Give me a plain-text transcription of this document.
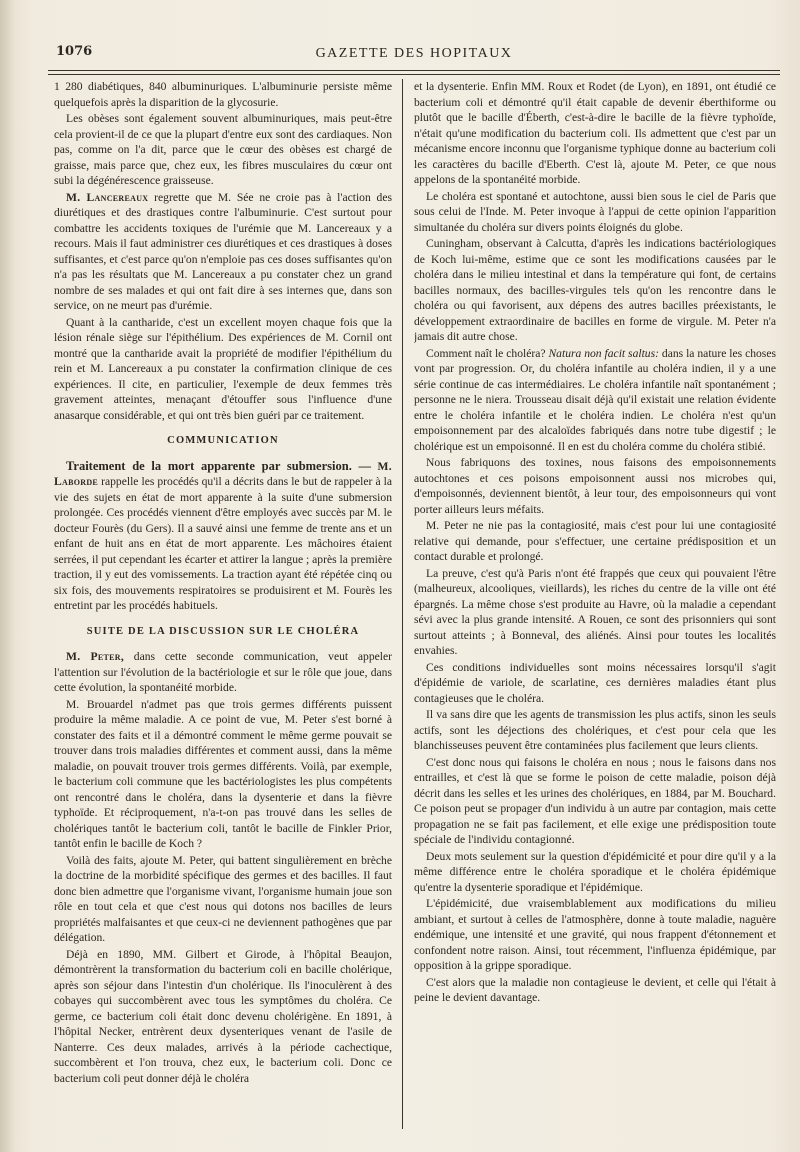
1076	GAZETTE DES HOPITAUX

1 280 diabétiques, 840 albuminuriques. L'albuminurie persiste même quelquefois après la disparition de la glycosurie.

Les obèses sont également souvent albuminuriques, mais peut-être cela provient-il de ce que la plupart d'entre eux sont des cardiaques. Non pas, comme on l'a dit, parce que le cœur des obèses est chargé de graisse, mais parce que, chez eux, les fibres musculaires du cœur ont subi la dégénérescence graisseuse.

M. Lancereaux regrette que M. Sée ne croie pas à l'action des diurétiques et des drastiques contre l'albuminurie. C'est surtout pour combattre les accidents toxiques de l'urémie que M. Lancereaux y a recours. Mais il faut administrer ces diurétiques et ces drastiques à doses suffisantes, et c'est parce qu'on n'emploie pas ces doses suffisantes qu'on n'a pas les résultats que M. Lancereaux a pu constater chez un grand nombre de ses malades et qui ont fait dire à ses internes que, dans son service, on ne meurt pas d'urémie.

Quant à la cantharide, c'est un excellent moyen chaque fois que la lésion rénale siège sur l'épithélium. Des expériences de M. Cornil ont montré que la cantharide avait la propriété de modifier l'épithélium du rein et M. Lancereaux a pu constater la confirmation clinique de ces expériences. Il cite, en particulier, l'exemple de deux femmes très gravement atteintes, menaçant d'étouffer sous l'influence d'une anasarque considérable, et qui ont très bien guéri par ce traitement.

COMMUNICATION

Traitement de la mort apparente par submersion. — M. Laborde rappelle les procédés qu'il a décrits dans le but de rappeler à la vie des sujets en état de mort apparente à la suite d'une submersion prolongée. Ces procédés viennent d'être employés avec succès par M. le docteur Fourès (du Gers). Il a sauvé ainsi une femme de trente ans et un enfant de huit ans en état de mort apparente. Les mâchoires étaient serrées, il put cependant les écarter et attirer la langue ; après la première traction, il y eut des vomissements. La traction ayant été répétée cinq ou six fois, des mouvements respiratoires se produisirent et M. Fourès les entretint par les procédés habituels.

SUITE DE LA DISCUSSION SUR LE CHOLÉRA

M. Peter, dans cette seconde communication, veut appeler l'attention sur l'évolution de la bactériologie et sur le rôle que joue, dans cette évolution, la spontanéité morbide.

M. Brouardel n'admet pas que trois germes différents puissent produire la même maladie. A ce point de vue, M. Peter s'est borné à constater des faits et il a démontré comment le même germe pouvait se trouver dans trois maladies différentes et comment aussi, dans la même maladie, on pouvait trouver trois germes différents. Voilà, par exemple, le bacterium coli commune que les bactériologistes les plus compétents ont rencontré dans le choléra, dans la dysenterie et dans la fièvre typhoïde. Et réciproquement, n'a-t-on pas trouvé dans les selles de cholériques tantôt le bacterium coli, tantôt le bacille de Finkler Prior, tantôt enfin le bacille de Koch ?

Voilà des faits, ajoute M. Peter, qui battent singulièrement en brèche la doctrine de la morbidité spécifique des germes et des bacilles. Il faut donc bien admettre que l'organisme vivant, l'organisme humain joue son rôle en tout cela et que c'est nous qui dotons nos bacilles de leurs propriétés malfaisantes et que ceux-ci ne deviennent pathogènes que par délégation.

Déjà en 1890, MM. Gilbert et Girode, à l'hôpital Beaujon, démontrèrent la transformation du bacterium coli en bacille cholérique, après son séjour dans l'intestin d'un cholérique. Ils l'inoculèrent à des cobayes qui succombèrent avec tous les symptômes du choléra. Ce germe, ce bacterium coli était donc devenu cholérigène. En 1891, à l'hôpital Necker, entrèrent deux dysenteriques venant de l'asile de Nanterre. Ces deux malades, arrivés à la période cachectique, succombèrent et l'on trouva, chez eux, le bacterium coli. Donc ce bacterium coli peut donner déjà le choléra

et la dysenterie. Enfin MM. Roux et Rodet (de Lyon), en 1891, ont étudié ce bacterium coli et démontré qu'il était capable de devenir éberthiforme ou plutôt que le bacille d'Éberth, c'est-à-dire le bacille de la fièvre typhoïde, n'était qu'une modification du bacterium coli. Ils admettent que c'est par un mécanisme encore inconnu que l'organisme typhique donne au bacterium coli les caractères du bacille d'Eberth. C'est là, ajoute M. Peter, ce que nous appelons de la spontanéité morbide.

Le choléra est spontané et autochtone, aussi bien sous le ciel de Paris que sous celui de l'Inde. M. Peter invoque à l'appui de cette opinion l'apparition simultanée du choléra sur divers points éloignés du globe.

Cuningham, observant à Calcutta, d'après les indications bactériologiques de Koch lui-même, estime que ce sont les modifications causées par le choléra dans le milieu intestinal et dans la température qui font, de certains bacilles normaux, des bacilles-virgules tels qu'on les rencontre dans le choléra ou qui favorisent, aux dépens des autres bacilles préexistants, le développement extraordinaire de bacilles en forme de virgule. M. Peter n'a jamais dit autre chose.

Comment naît le choléra? Natura non facit saltus: dans la nature les choses vont par progression. Or, du choléra infantile au choléra indien, il y a une série continue de cas intermédiaires. Le choléra infantile naît spontanément ; personne ne le niera. Trousseau disait déjà qu'il existait une relation évidente entre le choléra infantile et le choléra indien. Le choléra n'est qu'un empoisonnement par des alcaloïdes fabriqués dans notre tube digestif ; le cholérique est un empoisonné. Il en est du choléra comme du choléra stibié.

Nous fabriquons des toxines, nous faisons des empoisonnements autochtones et ces poisons empoisonnent aussi nos microbes qui, d'empoisonnés, deviennent bientôt, à leur tour, des empoisonneurs qui vont porter ailleurs leurs méfaits.

M. Peter ne nie pas la contagiosité, mais c'est pour lui une contagiosité relative qui demande, pour s'effectuer, une certaine prédisposition et un contact durable et prolongé.

La preuve, c'est qu'à Paris n'ont été frappés que ceux qui pouvaient l'être (malheureux, alcooliques, vieillards), les riches du centre de la ville ont été épargnés. La même chose s'est produite au Havre, où la maladie a cependant sévi avec la plus grande intensité. A Rouen, ce sont des prisonniers qui sont surtout atteints ; à Bonneval, des aliénés. Ainsi pour toutes les localités envahies.

Ces conditions individuelles sont moins nécessaires lorsqu'il s'agit d'épidémie de variole, de scarlatine, ces dernières maladies étant plus contagieuses que le choléra.

Il va sans dire que les agents de transmission les plus actifs, sinon les seuls actifs, sont les déjections des cholériques, et c'est pour cela que les blanchisseuses peuvent être contaminées plus facilement que leurs clients.

C'est donc nous qui faisons le choléra en nous ; nous le faisons dans nos entrailles, et c'est là que se forme le poison de cette maladie, poison déjà décrit dans les selles et les urines des cholériques, en 1884, par M. Bouchard. Ce poison peut se propager d'un individu à un autre par contagion, mais cette propagation ne se fait pas facilement, et elle exige une prédisposition toute spéciale de l'individu contagionné.

Deux mots seulement sur la question d'épidémicité et pour dire qu'il y a la même différence entre le choléra sporadique et le choléra épidémique qu'entre la dysenterie sporadique et l'épidémique.

L'épidémicité, due vraisemblablement aux modifications du milieu ambiant, et surtout à celles de l'atmosphère, donne à toute maladie, naguère endémique, une intensité et une gravité, qui nous frappent d'étonnement et confondent notre raison. Ainsi, tout récemment, l'influenza épidémique, par opposition à la grippe sporadique.

C'est alors que la maladie non contagieuse le devient, et celle qui l'était à peine le devient davantage.
